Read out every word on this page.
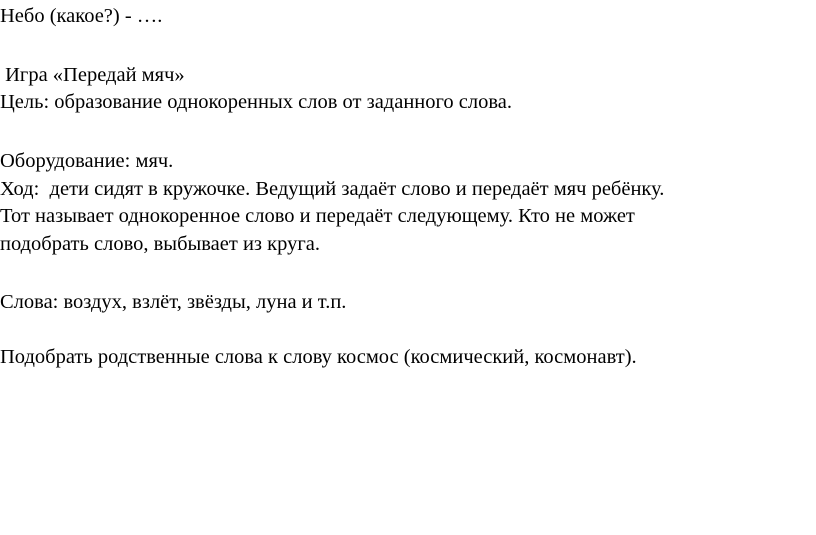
Небо (какое?) - ….

Игра «Передай мяч»

Цель: образование однокоренных слов от заданного слова.

Оборудование: мяч.

Ход:  дети сидят в кружочке. Ведущий задаёт слово и передаёт мяч ребёнку.

Тот называет однокоренное слово и передаёт следующему. Кто не может

подобрать слово, выбывает из круга.

Слова: воздух, взлёт, звёзды, луна и т.п.

Подобрать родственные слова к слову космос (космический, космонавт).
